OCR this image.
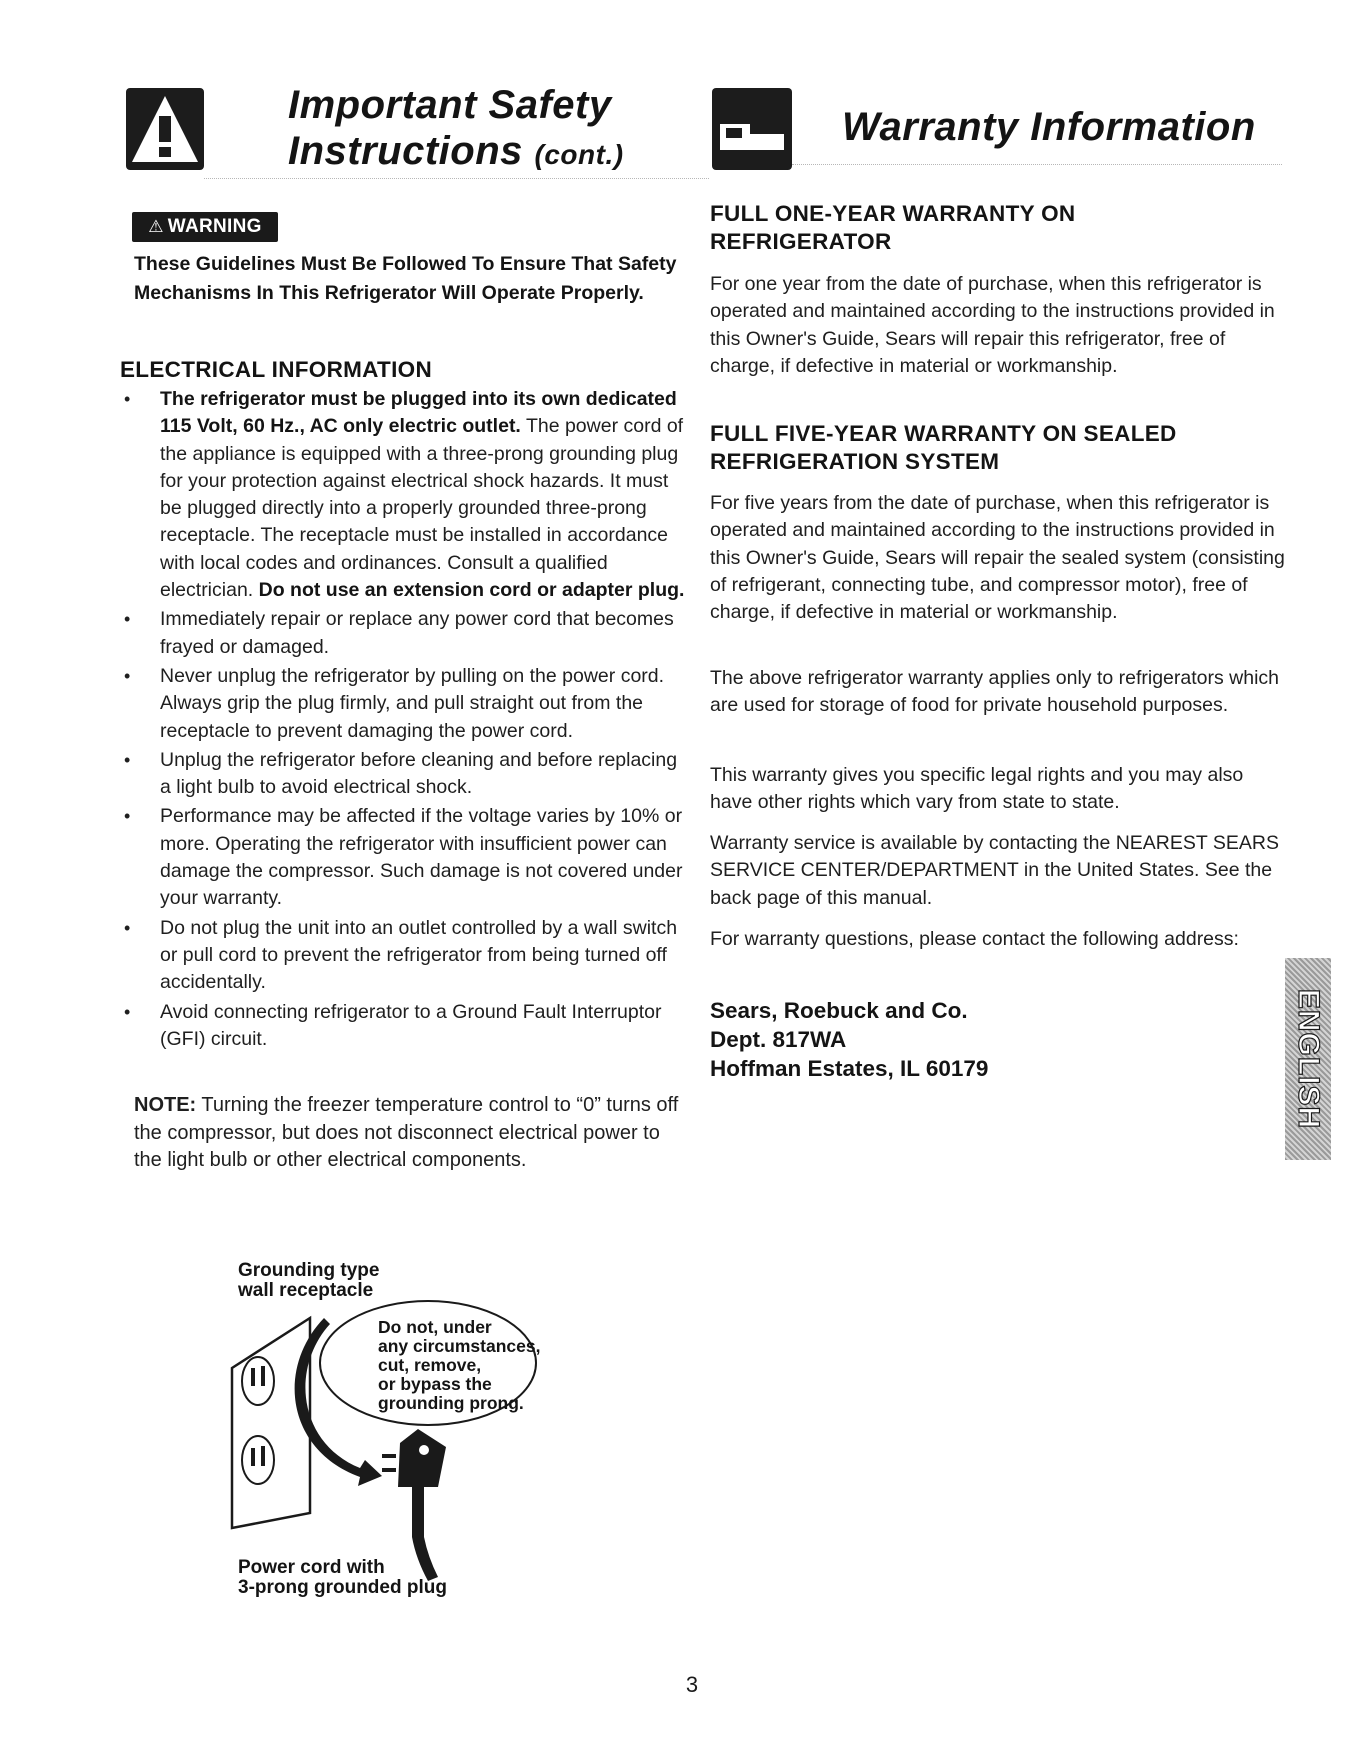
Important Safety
Instructions (cont.)
Warranty Information
⚠ WARNING
These Guidelines Must Be Followed To Ensure That Safety Mechanisms In This Refrigerator Will Operate Properly.
ELECTRICAL INFORMATION
• The refrigerator must be plugged into its own dedicated 115 Volt, 60 Hz., AC only electric outlet. The power cord of the appliance is equipped with a three-prong grounding plug for your protection against electrical shock hazards. It must be plugged directly into a properly grounded three-prong receptacle. The receptacle must be installed in accordance with local codes and ordinances. Consult a qualified electrician. Do not use an extension cord or adapter plug.
• Immediately repair or replace any power cord that becomes frayed or damaged.
• Never unplug the refrigerator by pulling on the power cord. Always grip the plug firmly, and pull straight out from the receptacle to prevent damaging the power cord.
• Unplug the refrigerator before cleaning and before replacing a light bulb to avoid electrical shock.
• Performance may be affected if the voltage varies by 10% or more. Operating the refrigerator with insufficient power can damage the compressor. Such damage is not covered under your warranty.
• Do not plug the unit into an outlet controlled by a wall switch or pull cord to prevent the refrigerator from being turned off accidentally.
• Avoid connecting refrigerator to a Ground Fault Interruptor (GFI) circuit.
NOTE: Turning the freezer temperature control to “0” turns off the compressor, but does not disconnect electrical power to the light bulb or other electrical components.
Grounding type
wall receptacle
Do not, under
any circumstances,
cut, remove,
or bypass the
grounding prong.
Power cord with
3-prong grounded plug
FULL ONE-YEAR WARRANTY ON
REFRIGERATOR

For one year from the date of purchase, when this refrigerator is operated and maintained according to the instructions provided in this Owner's Guide, Sears will repair this refrigerator, free of charge, if defective in material or workmanship.

FULL FIVE-YEAR WARRANTY ON SEALED
REFRIGERATION SYSTEM

For five years from the date of purchase, when this refrigerator is operated and maintained according to the instructions provided in this Owner's Guide, Sears will repair the sealed system (consisting of refrigerant, connecting tube, and compressor motor), free of charge, if defective in material or workmanship.

The above refrigerator warranty applies only to refrigerators which are used for storage of food for private household purposes.

This warranty gives you specific legal rights and you may also have other rights which vary from state to state.

Warranty service is available by contacting the NEAREST SEARS SERVICE CENTER/DEPARTMENT in the United States. See the back page of this manual.

For warranty questions, please contact the following address:

Sears, Roebuck and Co.
Dept. 817WA
Hoffman Estates, IL 60179	ENGLISH
3
